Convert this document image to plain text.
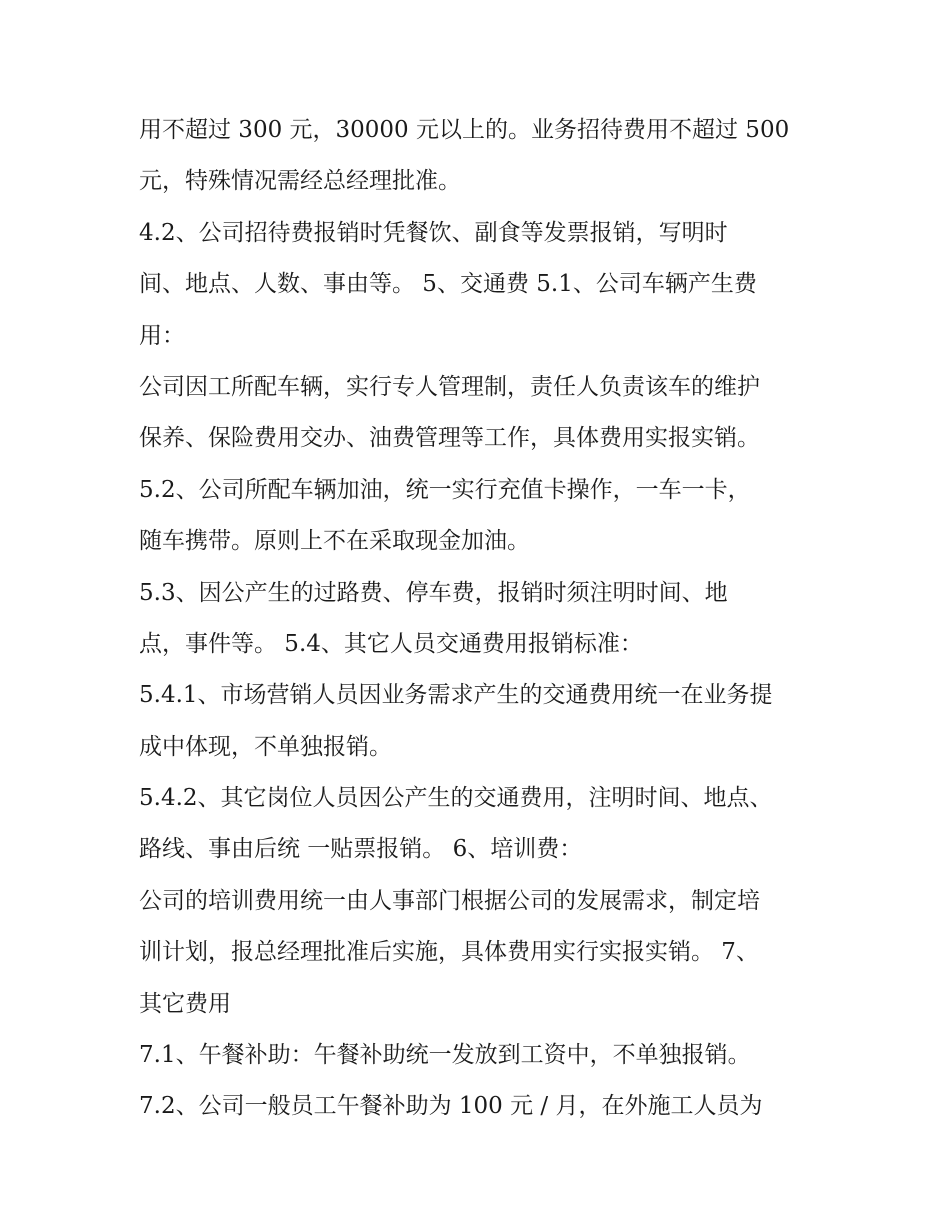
用不超过 300 元，30000 元以上的。业务招待费用不超过 500
元，特殊情况需经总经理批准。
4.2、公司招待费报销时凭餐饮、副食等发票报销，写明时
间、地点、人数、事由等。 5、交通费 5.1、公司车辆产生费
用：
公司因工所配车辆，实行专人管理制，责任人负责该车的维护
保养、保险费用交办、油费管理等工作，具体费用实报实销。
5.2、公司所配车辆加油，统一实行充值卡操作，一车一卡，
随车携带。原则上不在采取现金加油。
5.3、因公产生的过路费、停车费，报销时须注明时间、地
点，事件等。 5.4、其它人员交通费用报销标准：
5.4.1、市场营销人员因业务需求产生的交通费用统一在业务提
成中体现，不单独报销。
5.4.2、其它岗位人员因公产生的交通费用，注明时间、地点、
路线、事由后统 一贴票报销。 6、培训费：
公司的培训费用统一由人事部门根据公司的发展需求，制定培
训计划，报总经理批准后实施，具体费用实行实报实销。 7、
其它费用
7.1、午餐补助：午餐补助统一发放到工资中，不单独报销。
7.2、公司一般员工午餐补助为 100 元 / 月，在外施工人员为
